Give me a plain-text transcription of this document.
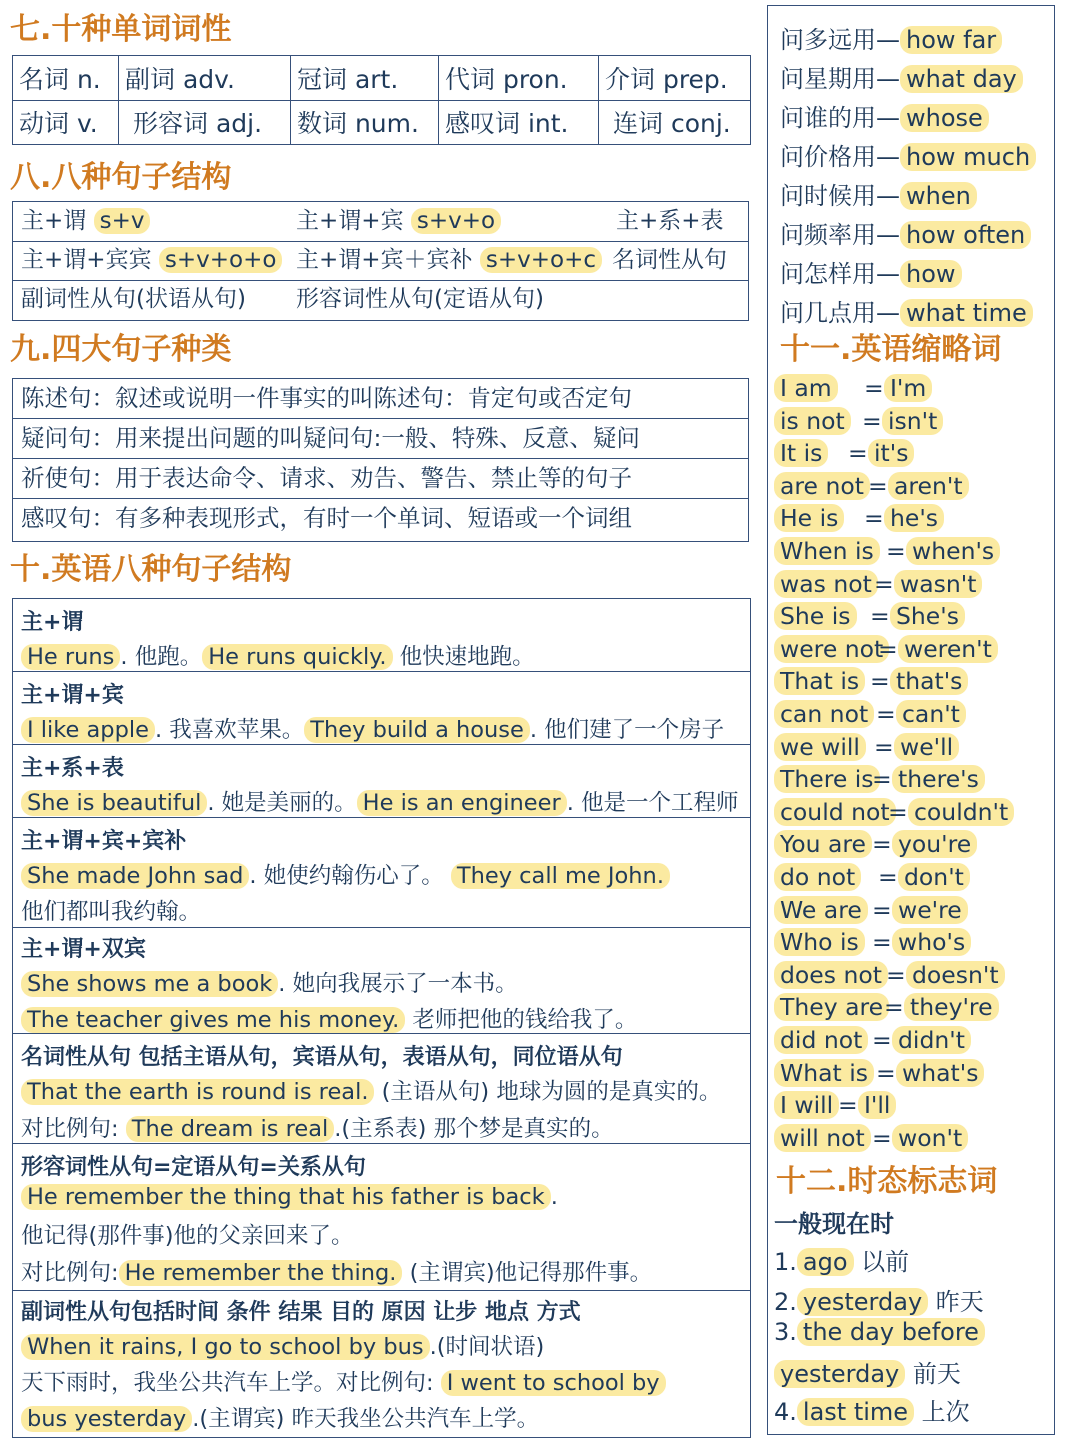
七.十种单词词性
名词 n.	副词 adv.	冠词 art.	代词 pron.	介词 prep.
动词 v.	形容词 adj.	数词 num.	感叹词 int.	连词 conj.
八.八种句子结构
主+谓 s+v	主+谓+宾 s+v+o	主+系+表
主+谓+宾宾 s+v+o+o 主+谓+宾＋宾补 s+v+o+c 名词性从句
副词性从句(状语从句) 形容词性从句(定语从句)
九.四大句子种类
陈述句：叙述或说明一件事实的叫陈述句：肯定句或否定句
疑问句：用来提出问题的叫疑问句:一般、特殊、反意、疑问
祈使句：用于表达命令、请求、劝告、警告、禁止等的句子
感叹句：有多种表现形式，有时一个单词、短语或一个词组
十.英语八种句子结构
主+谓
He runs . 他跑。 He runs quickly. 他快速地跑。
主+谓+宾
I like apple . 我喜欢苹果。 They build a house . 他们建了一个房子
主+系+表
She is beautiful . 她是美丽的。 He is an engineer . 他是一个工程师
主+谓+宾+宾补
She made John sad . 她使约翰伤心了。 They call me John.
他们都叫我约翰。
主+谓+双宾
She shows me a book . 她向我展示了一本书。
The teacher gives me his money. 老师把他的钱给我了。
名词性从句 包括主语从句，宾语从句，表语从句，同位语从句
That the earth is round is real. (主语从句) 地球为圆的是真实的。
对比例句: The dream is real .(主系表) 那个梦是真实的。
形容词性从句=定语从句=关系从句
He remember the thing that his father is back .
他记得(那件事)他的父亲回来了。
对比例句: He remember the thing. (主谓宾)他记得那件事。
副词性从句包括时间 条件 结果 目的 原因 让步 地点 方式
When it rains, I go to school by bus .(时间状语)
天下雨时，我坐公共汽车上学。对比例句: I went to school by
bus yesterday .(主谓宾) 昨天我坐公共汽车上学。
问多远用— how far
问星期用— what day
问谁的用— whose
问价格用— how much
问时候用— when
问频率用— how often
问怎样用— how
问几点用— what time
十一.英语缩略词
I am = I'm
is not = isn't
It is = it's
are not = aren't
He is = he's
When is = when's
was not = wasn't
She is = She's
were not
= weren't
That is = that's
can not = can't
we will = we'll
There is
= there's
could not
= couldn't
You are = you're
do not = don't
We are = we're
Who is = who's
does not = doesn't
They are = they're
did not = didn't
What is = what's
I will = I'll
will not = won't
十二.时态标志词
一般现在时
1. ago 以前
2. yesterday 昨天
3. the day before
yesterday 前天
4. last time 上次
